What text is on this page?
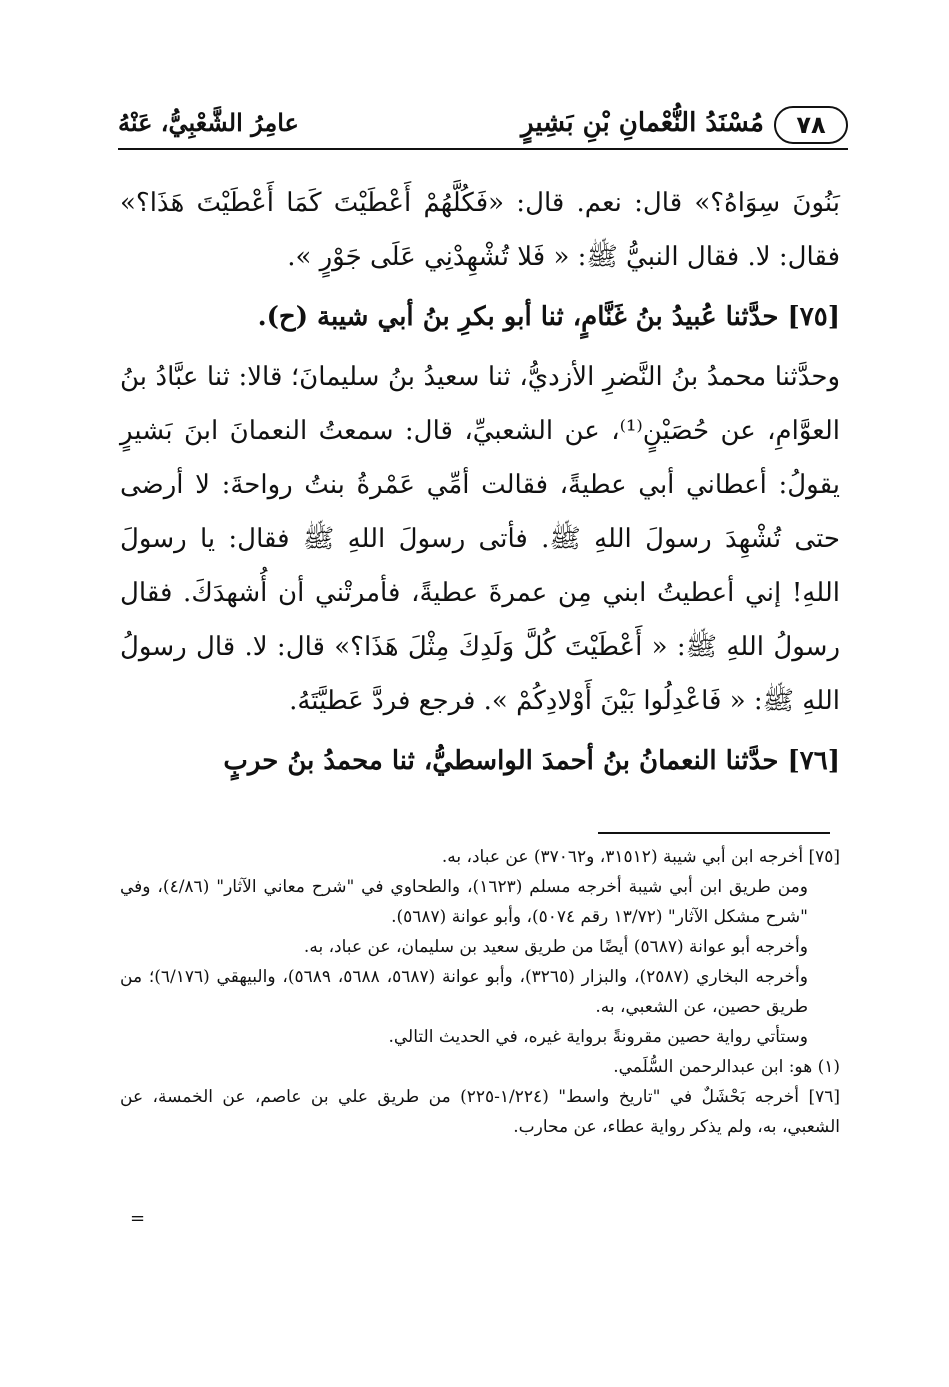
٧٨
مُسْنَدُ النُّعْمانِ بْنِ بَشِيرٍ
عامِرُ الشَّعْبِيُّ، عَنْهُ

بَنُونَ سِوَاهُ؟» قال: نعم. قال: «فَكُلَّهُمْ أَعْطَيْتَ كَمَا أَعْطَيْتَ هَذَا؟» فقال: لا. فقال النبيُّ ﷺ: « فَلا تُشْهِدْنِي عَلَى جَوْرٍ ».

[٧٥] حدَّثنا عُبيدُ بنُ غَنَّامٍ، ثنا أبو بكرِ بنُ أبي شيبة (ح).

وحدَّثنا محمدُ بنُ النَّضرِ الأزديُّ، ثنا سعيدُ بنُ سليمانَ؛ قالا: ثنا عبَّادُ بنُ العوَّامِ، عن حُصَيْنٍ⁽¹⁾، عن الشعبيِّ، قال: سمعتُ النعمانَ ابنَ بَشيرٍ يقولُ: أعطاني أبي عطيةً، فقالت أمِّي عَمْرةُ بنتُ رواحةَ: لا أرضى حتى تُشْهِدَ رسولَ اللهِ ﷺ. فأتى رسولَ اللهِ ﷺ فقال: يا رسولَ اللهِ! إني أعطيتُ ابني مِن عمرةَ عطيةً، فأمرتْني أن أُشهدَكَ. فقال رسولُ اللهِ ﷺ: « أَعْطَيْتَ كُلَّ وَلَدِكَ مِثْلَ هَذَا؟» قال: لا. قال رسولُ اللهِ ﷺ: « فَاعْدِلُوا بَيْنَ أَوْلادِكُمْ ». فرجع فردَّ عَطيَّتَهُ.

[٧٦] حدَّثنا النعمانُ بنُ أحمدَ الواسطيُّ، ثنا محمدُ بنُ حربٍ

[٧٥] أخرجه ابن أبي شيبة (٣١٥١٢، و٣٧٠٦٢) عن عباد، به.

ومن طريق ابن أبي شيبة أخرجه مسلم (١٦٢٣)، والطحاوي في "شرح معاني الآثار" (٤/٨٦)، وفي "شرح مشكل الآثار" (١٣/٧٢ رقم ٥٠٧٤)، وأبو عوانة (٥٦٨٧).

وأخرجه أبو عوانة (٥٦٨٧) أيضًا من طريق سعيد بن سليمان، عن عباد، به.

وأخرجه البخاري (٢٥٨٧)، والبزار (٣٢٦٥)، وأبو عوانة (٥٦٨٧، ٥٦٨٨، ٥٦٨٩)، والبيهقي (٦/١٧٦)؛ من طريق حصين، عن الشعبي، به.

وستأتي رواية حصين مقرونةً برواية غيره، في الحديث التالي.

(١) هو: ابن عبدالرحمن السُّلَمي.

[٧٦] أخرجه بَحْشَلٌ في "تاريخ واسط" (١/٢٢٤-٢٢٥) من طريق علي بن عاصم، عن الخمسة، عن الشعبي، به، ولم يذكر رواية عطاء، عن محارب.

=
